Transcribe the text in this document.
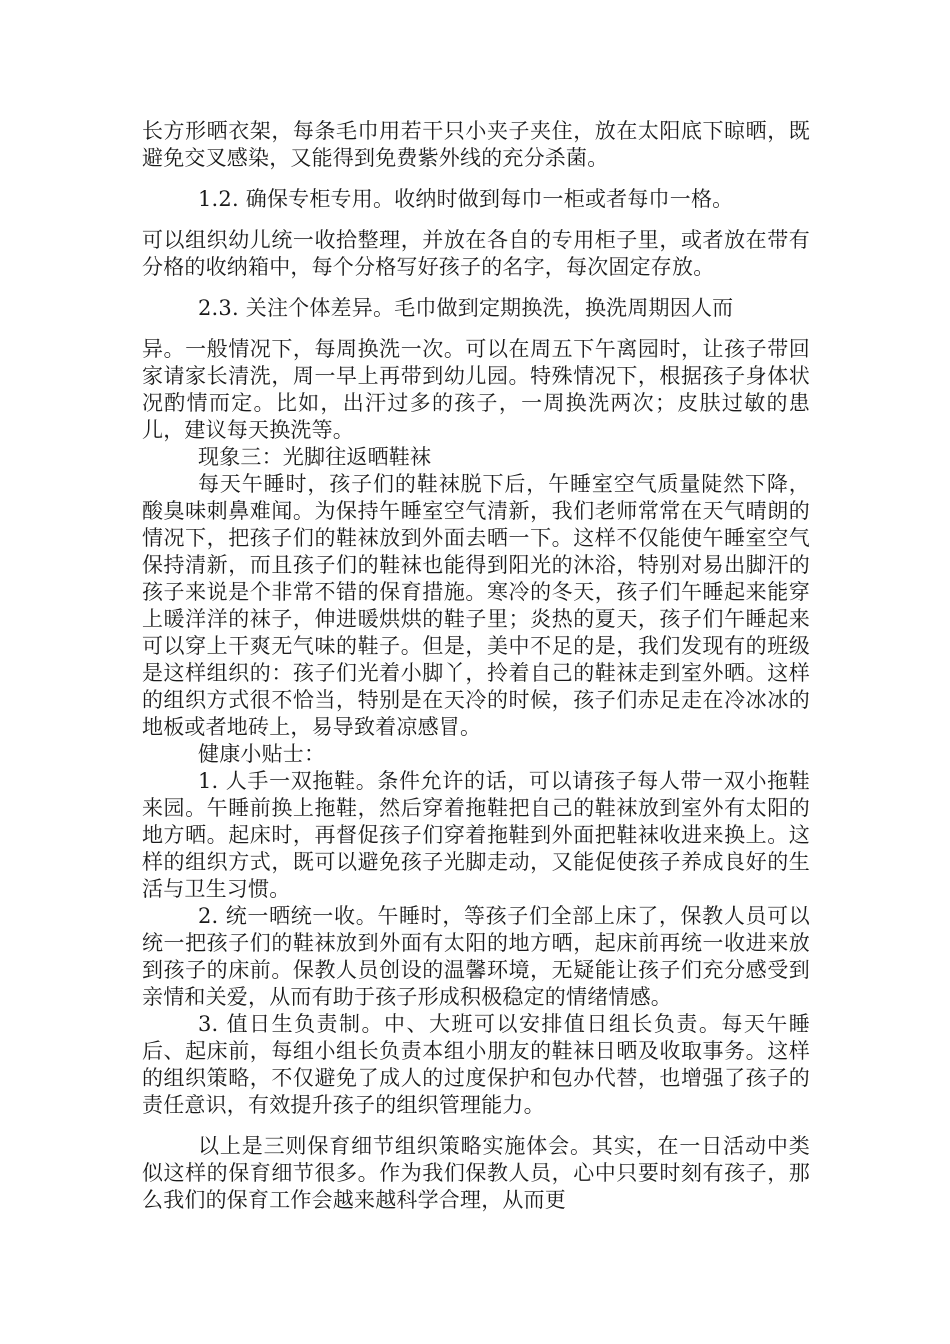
长方形晒衣架，每条毛巾用若干只小夹子夹住，放在太阳底下晾晒，既避免交叉感染，又能得到免费紫外线的充分杀菌。

1.2. 确保专柜专用。收纳时做到每巾一柜或者每巾一格。

可以组织幼儿统一收拾整理，并放在各自的专用柜子里，或者放在带有分格的收纳箱中，每个分格写好孩子的名字，每次固定存放。

2.3. 关注个体差异。毛巾做到定期换洗，换洗周期因人而

异。一般情况下，每周换洗一次。可以在周五下午离园时，让孩子带回家请家长清洗，周一早上再带到幼儿园。特殊情况下，根据孩子身体状况酌情而定。比如，出汗过多的孩子，一周换洗两次；皮肤过敏的患儿，建议每天换洗等。

现象三：光脚往返晒鞋袜

每天午睡时，孩子们的鞋袜脱下后，午睡室空气质量陡然下降，酸臭味刺鼻难闻。为保持午睡室空气清新，我们老师常常在天气晴朗的情况下，把孩子们的鞋袜放到外面去晒一下。这样不仅能使午睡室空气保持清新，而且孩子们的鞋袜也能得到阳光的沐浴，特别对易出脚汗的孩子来说是个非常不错的保育措施。寒冷的冬天，孩子们午睡起来能穿上暖洋洋的袜子，伸进暖烘烘的鞋子里；炎热的夏天，孩子们午睡起来可以穿上干爽无气味的鞋子。但是，美中不足的是，我们发现有的班级是这样组织的：孩子们光着小脚丫，拎着自己的鞋袜走到室外晒。这样的组织方式很不恰当，特别是在天冷的时候，孩子们赤足走在冷冰冰的地板或者地砖上，易导致着凉感冒。

健康小贴士：

1. 人手一双拖鞋。条件允许的话，可以请孩子每人带一双小拖鞋来园。午睡前换上拖鞋，然后穿着拖鞋把自己的鞋袜放到室外有太阳的地方晒。起床时，再督促孩子们穿着拖鞋到外面把鞋袜收进来换上。这样的组织方式，既可以避免孩子光脚走动，又能促使孩子养成良好的生活与卫生习惯。

2. 统一晒统一收。午睡时，等孩子们全部上床了，保教人员可以统一把孩子们的鞋袜放到外面有太阳的地方晒，起床前再统一收进来放到孩子的床前。保教人员创设的温馨环境，无疑能让孩子们充分感受到亲情和关爱，从而有助于孩子形成积极稳定的情绪情感。

3. 值日生负责制。中、大班可以安排值日组长负责。每天午睡后、起床前，每组小组长负责本组小朋友的鞋袜日晒及收取事务。这样的组织策略，不仅避免了成人的过度保护和包办代替，也增强了孩子的责任意识，有效提升孩子的组织管理能力。

以上是三则保育细节组织策略实施体会。其实，在一日活动中类似这样的保育细节很多。作为我们保教人员，心中只要时刻有孩子，那么我们的保育工作会越来越科学合理，从而更
